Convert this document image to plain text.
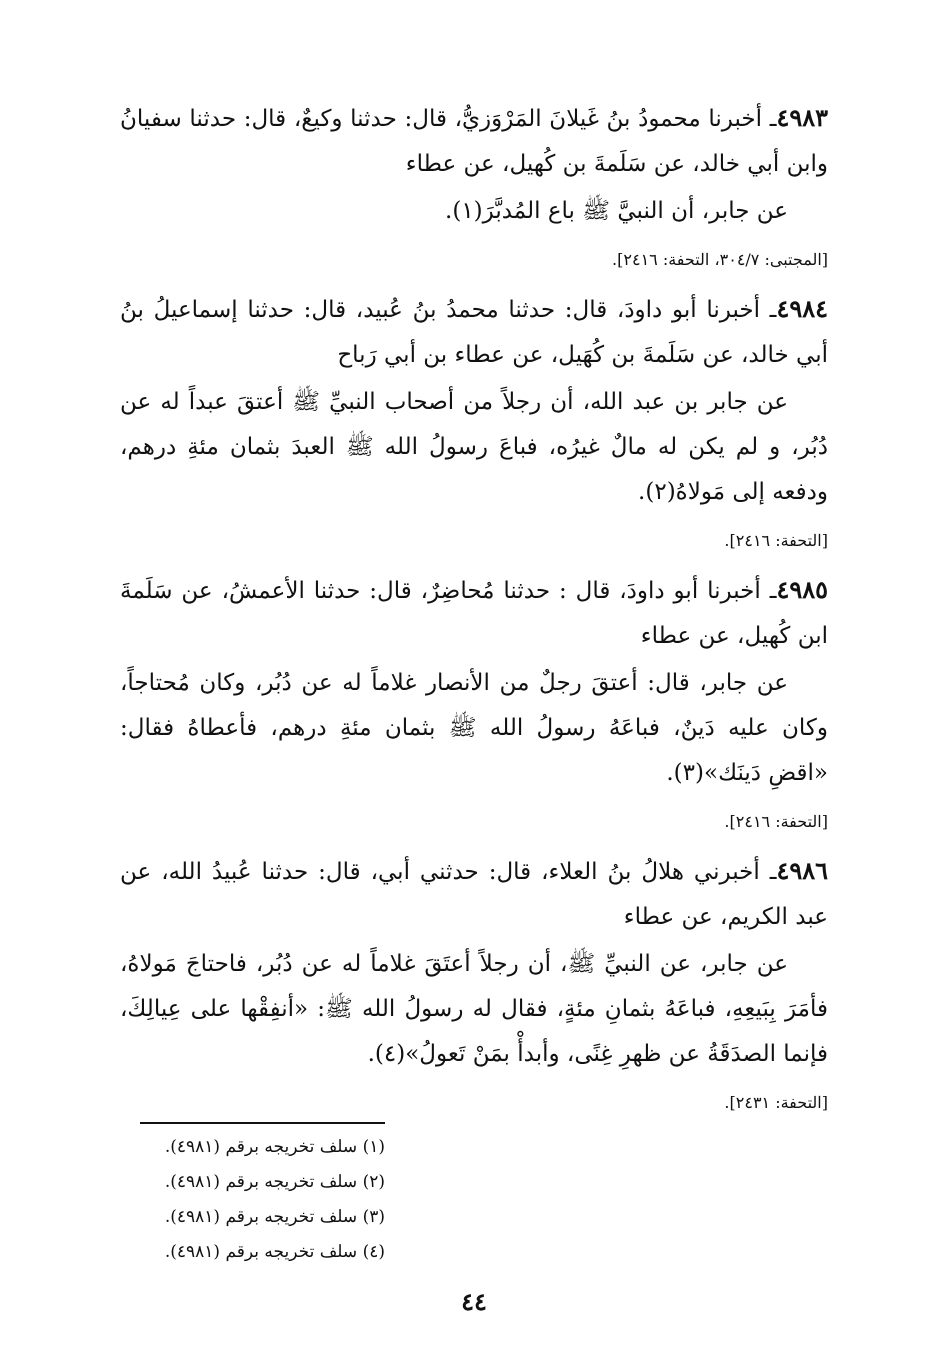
٤٩٨٣ـ أخبرنا محمودُ بنُ غَيلانَ المَرْوَزيُّ، قال: حدثنا وكيعٌ، قال: حدثنا سفيانُ وابن أبي خالد، عن سَلَمةَ بن كُهيل، عن عطاء

عن جابر، أن النبيَّ ﷺ باع المُدبَّرَ(١).

[المجتبى: ٣٠٤/٧، التحفة: ٢٤١٦].

٤٩٨٤ـ أخبرنا أبو داودَ، قال: حدثنا محمدُ بنُ عُبيد، قال: حدثنا إسماعيلُ بنُ أبي خالد، عن سَلَمةَ بن كُهَيل، عن عطاء بن أبي رَباح

عن جابر بن عبد الله، أن رجلاً من أصحاب النبيِّ ﷺ أعتقَ عبداً له عن دُبُر، و لم يكن له مالٌ غيرُه، فباعَ رسولُ الله ﷺ العبدَ بثمان مئةِ درهم، ودفعه إلى مَولاهُ(٢).

[التحفة: ٢٤١٦].

٤٩٨٥ـ أخبرنا أبو داودَ، قال : حدثنا مُحاضِرٌ، قال: حدثنا الأعمشُ، عن سَلَمةَ ابن كُهيل، عن عطاء

عن جابر، قال: أعتقَ رجلٌ من الأنصار غلاماً له عن دُبُر، وكان مُحتاجاً، وكان عليه دَينٌ، فباعَهُ رسولُ الله ﷺ بثمان مئةِ درهم، فأعطاهُ فقال: «اقضِ دَينَك»(٣).

[التحفة: ٢٤١٦].

٤٩٨٦ـ أخبرني هلالُ بنُ العلاء، قال: حدثني أبي، قال: حدثنا عُبيدُ الله، عن عبد الكريم، عن عطاء

عن جابر، عن النبيِّ ﷺ، أن رجلاً أعتَقَ غلاماً له عن دُبُر، فاحتاجَ مَولاهُ، فأمَرَ بِبَيعِهِ، فباعَهُ بثمانِ مئةٍ، فقال له رسولُ الله ﷺ: «أنفِقْها على عِيالِكَ، فإنما الصدَقَةُ عن ظهرِ غِنًى، وأبدأْ بمَنْ تَعولُ»(٤).

[التحفة: ٢٤٣١].

(١) سلف تخريجه برقم (٤٩٨١).
(٢) سلف تخريجه برقم (٤٩٨١).
(٣) سلف تخريجه برقم (٤٩٨١).
(٤) سلف تخريجه برقم (٤٩٨١).
٤٤
